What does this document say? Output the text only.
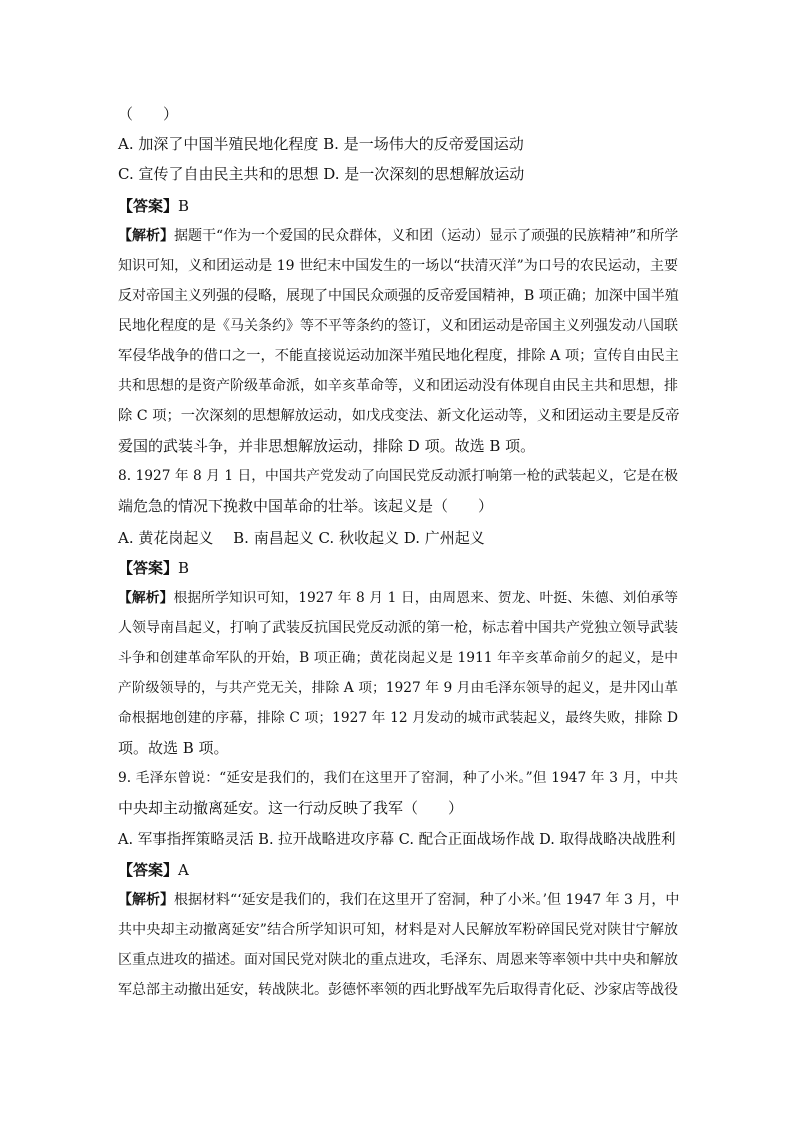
（　　）
A. 加深了中国半殖民地化程度 B. 是一场伟大的反帝爱国运动
C. 宣传了自由民主共和的思想 D. 是一次深刻的思想解放运动
【答案】B
【解析】据题干“作为一个爱国的民众群体，义和团（运动）显示了顽强的民族精神”和所学
知识可知，义和团运动是 19 世纪末中国发生的一场以“扶清灭洋”为口号的农民运动，主要
反对帝国主义列强的侵略，展现了中国民众顽强的反帝爱国精神，B 项正确；加深中国半殖
民地化程度的是《马关条约》等不平等条约的签订，义和团运动是帝国主义列强发动八国联
军侵华战争的借口之一，不能直接说运动加深半殖民地化程度，排除 A 项；宣传自由民主
共和思想的是资产阶级革命派，如辛亥革命等，义和团运动没有体现自由民主共和思想，排
除 C 项；一次深刻的思想解放运动，如戊戌变法、新文化运动等，义和团运动主要是反帝
爱国的武装斗争，并非思想解放运动，排除 D 项。故选 B 项。
8. 1927 年 8 月 1 日，中国共产党发动了向国民党反动派打响第一枪的武装起义，它是在极
端危急的情况下挽救中国革命的壮举。该起义是（　　）
A. 黄花岗起义　 B. 南昌起义 C. 秋收起义 D. 广州起义
【答案】B
【解析】根据所学知识可知，1927 年 8 月 1 日，由周恩来、贺龙、叶挺、朱德、刘伯承等
人领导南昌起义，打响了武装反抗国民党反动派的第一枪，标志着中国共产党独立领导武装
斗争和创建革命军队的开始，B 项正确；黄花岗起义是 1911 年辛亥革命前夕的起义，是中
产阶级领导的，与共产党无关，排除 A 项；1927 年 9 月由毛泽东领导的起义，是井冈山革
命根据地创建的序幕，排除 C 项；1927 年 12 月发动的城市武装起义，最终失败，排除 D
项。故选 B 项。
9. 毛泽东曾说：“延安是我们的，我们在这里开了窑洞，种了小米。”但 1947 年 3 月，中共
中央却主动撤离延安。这一行动反映了我军（　　）
A. 军事指挥策略灵活 B. 拉开战略进攻序幕 C. 配合正面战场作战 D. 取得战略决战胜利
【答案】A
【解析】根据材料“‘延安是我们的，我们在这里开了窑洞，种了小米。’但 1947 年 3 月，中
共中央却主动撤离延安”结合所学知识可知，材料是对人民解放军粉碎国民党对陕甘宁解放
区重点进攻的描述。面对国民党对陕北的重点进攻，毛泽东、周恩来等率领中共中央和解放
军总部主动撤出延安，转战陕北。彭德怀率领的西北野战军先后取得青化砭、沙家店等战役
